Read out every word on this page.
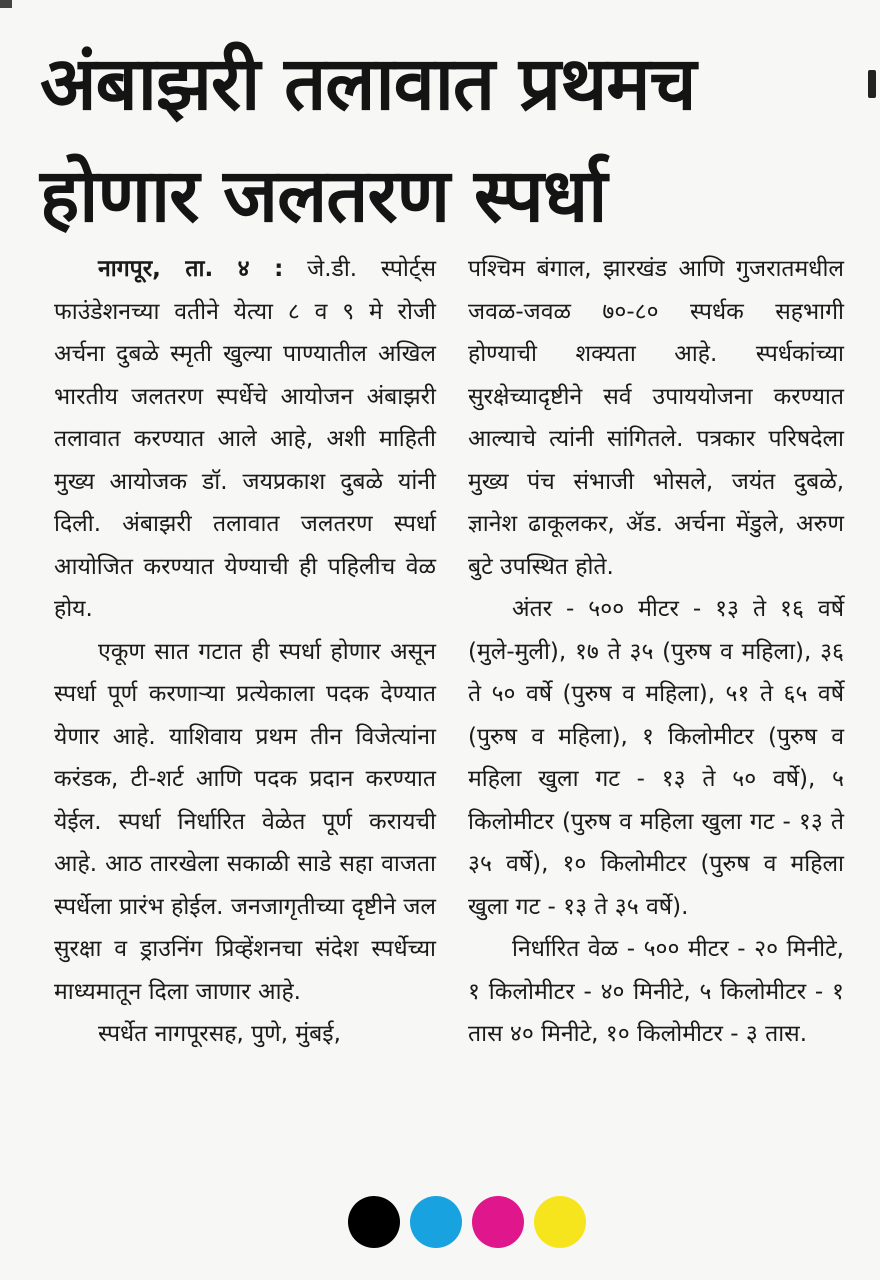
अंबाझरी तलावात प्रथमच
होणार जलतरण स्पर्धा

नागपूर, ता. ४ : जे.डी. स्पोर्ट्स फाउंडेशनच्या वतीने येत्या ८ व ९ मे रोजी अर्चना दुबळे स्मृती खुल्या पाण्यातील अखिल भारतीय जलतरण स्पर्धेचे आयोजन अंबाझरी तलावात करण्यात आले आहे, अशी माहिती मुख्य आयोजक डॉ. जयप्रकाश दुबळे यांनी दिली. अंबाझरी तलावात जलतरण स्पर्धा आयोजित करण्यात येण्याची ही पहिलीच वेळ होय.

एकूण सात गटात ही स्पर्धा होणार असून स्पर्धा पूर्ण करणाऱ्या प्रत्येकाला पदक देण्यात येणार आहे. याशिवाय प्रथम तीन विजेत्यांना करंडक, टी-शर्ट आणि पदक प्रदान करण्यात येईल. स्पर्धा निर्धारित वेळेत पूर्ण करायची आहे. आठ तारखेला सकाळी साडे सहा वाजता स्पर्धेला प्रारंभ होईल. जनजागृतीच्या दृष्टीने जल सुरक्षा व ड्राउनिंग प्रिव्हेंशनचा संदेश स्पर्धेच्या माध्यमातून दिला जाणार आहे.

स्पर्धेत नागपूरसह, पुणे, मुंबई,

पश्चिम बंगाल, झारखंड आणि गुजरातमधील जवळ-जवळ ७०-८० स्पर्धक सहभागी होण्याची शक्यता आहे. स्पर्धकांच्या सुरक्षेच्यादृष्टीने सर्व उपाययोजना करण्यात आल्याचे त्यांनी सांगितले. पत्रकार परिषदेला मुख्य पंच संभाजी भोसले, जयंत दुबळे, ज्ञानेश ढाकूलकर, ॲड. अर्चना मेंडुले, अरुण बुटे उपस्थित होते.

अंतर - ५०० मीटर - १३ ते १६ वर्षे (मुले-मुली), १७ ते ३५ (पुरुष व महिला), ३६ ते ५० वर्षे (पुरुष व महिला), ५१ ते ६५ वर्षे (पुरुष व महिला), १ किलोमीटर (पुरुष व महिला खुला गट - १३ ते ५० वर्षे), ५ किलोमीटर (पुरुष व महिला खुला गट - १३ ते ३५ वर्षे), १० किलोमीटर (पुरुष व महिला खुला गट - १३ ते ३५ वर्षे).

निर्धारित वेळ - ५०० मीटर - २० मिनीटे, १ किलोमीटर - ४० मिनीटे, ५ किलोमीटर - १ तास ४० मिनीटे, १० किलोमीटर - ३ तास.
